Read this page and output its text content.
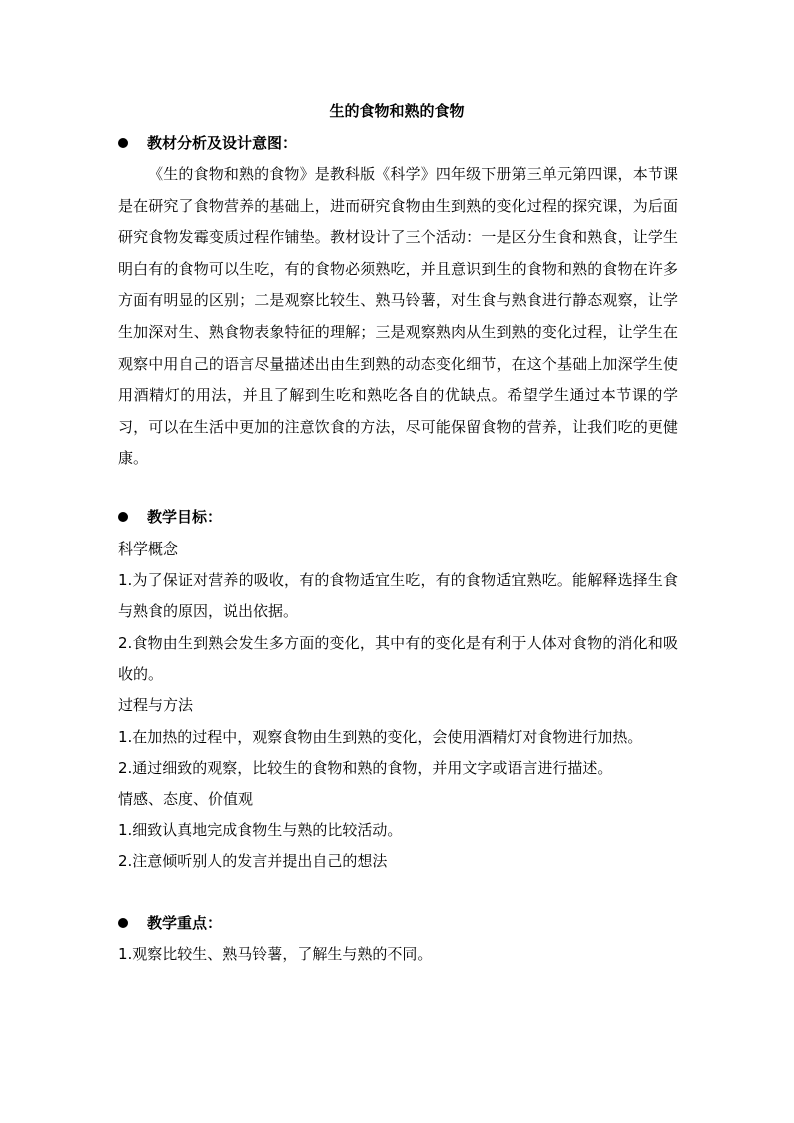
生的食物和熟的食物
教材分析及设计意图：
《生的食物和熟的食物》是教科版《科学》四年级下册第三单元第四课，本节课是在研究了食物营养的基础上，进而研究食物由生到熟的变化过程的探究课，为后面研究食物发霉变质过程作铺垫。教材设计了三个活动：一是区分生食和熟食，让学生明白有的食物可以生吃，有的食物必须熟吃，并且意识到生的食物和熟的食物在许多方面有明显的区别；二是观察比较生、熟马铃薯，对生食与熟食进行静态观察，让学生加深对生、熟食物表象特征的理解；三是观察熟肉从生到熟的变化过程，让学生在观察中用自己的语言尽量描述出由生到熟的动态变化细节，在这个基础上加深学生使用酒精灯的用法，并且了解到生吃和熟吃各自的优缺点。希望学生通过本节课的学习，可以在生活中更加的注意饮食的方法，尽可能保留食物的营养，让我们吃的更健康。
教学目标：
科学概念
1.为了保证对营养的吸收，有的食物适宜生吃，有的食物适宜熟吃。能解释选择生食与熟食的原因，说出依据。
2.食物由生到熟会发生多方面的变化，其中有的变化是有利于人体对食物的消化和吸收的。
过程与方法
1.在加热的过程中，观察食物由生到熟的变化，会使用酒精灯对食物进行加热。
2.通过细致的观察，比较生的食物和熟的食物，并用文字或语言进行描述。
情感、态度、价值观
1.细致认真地完成食物生与熟的比较活动。
2.注意倾听别人的发言并提出自己的想法
教学重点：
1.观察比较生、熟马铃薯，了解生与熟的不同。
